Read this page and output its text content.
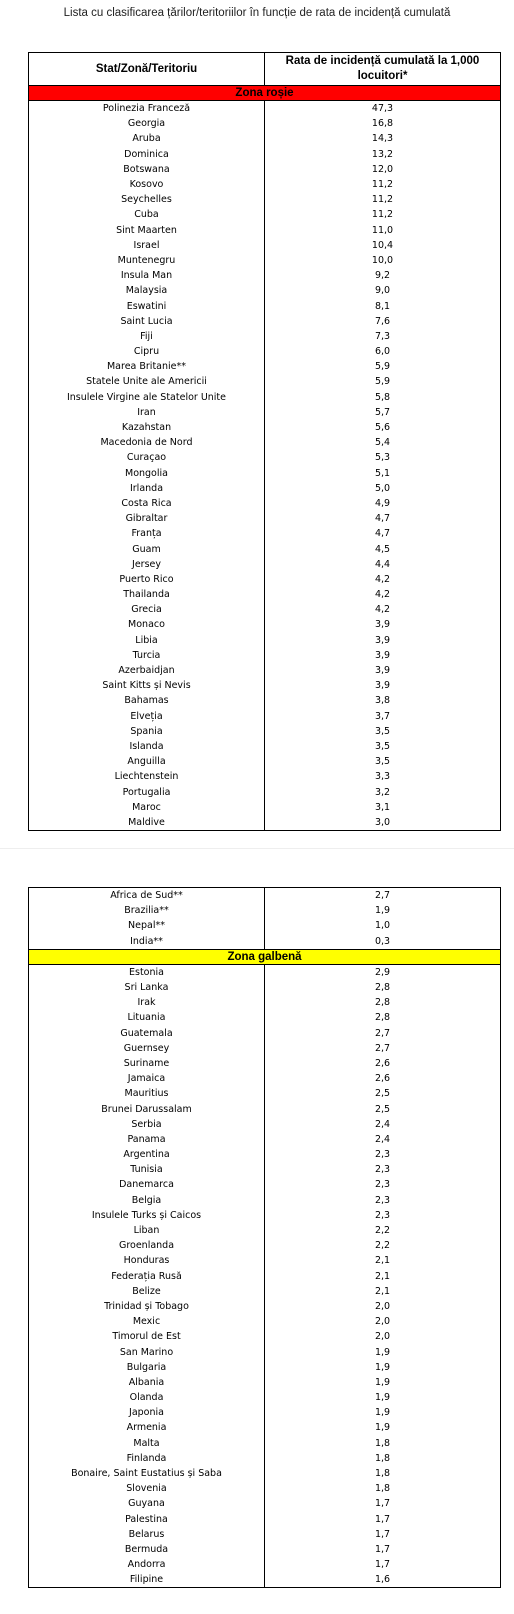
Lista cu clasificarea țărilor/teritoriilor în funcție de rata de incidență cumulată
Stat/Zonă/Teritoriu	Rata de incidență cumulată la 1,000 locuitori*
Zona roșie	
Polinezia Franceză	47,3
Georgia	16,8
Aruba	14,3
Dominica	13,2
Botswana	12,0
Kosovo	11,2
Seychelles	11,2
Cuba	11,2
Sint Maarten	11,0
Israel	10,4
Muntenegru	10,0
Insula Man	9,2
Malaysia	9,0
Eswatini	8,1
Saint Lucia	7,6
Fiji	7,3
Cipru	6,0
Marea Britanie**	5,9
Statele Unite ale Americii	5,9
Insulele Virgine ale Statelor Unite	5,8
Iran	5,7
Kazahstan	5,6
Macedonia de Nord	5,4
Curaçao	5,3
Mongolia	5,1
Irlanda	5,0
Costa Rica	4,9
Gibraltar	4,7
Franța	4,7
Guam	4,5
Jersey	4,4
Puerto Rico	4,2
Thailanda	4,2
Grecia	4,2
Monaco	3,9
Libia	3,9
Turcia	3,9
Azerbaidjan	3,9
Saint Kitts și Nevis	3,9
Bahamas	3,8
Elveția	3,7
Spania	3,5
Islanda	3,5
Anguilla	3,5
Liechtenstein	3,3
Portugalia	3,2
Maroc	3,1
Maldive	3,0
Africa de Sud**	2,7
Brazilia**	1,9
Nepal**	1,0
India**	0,3
Zona galbenă	
Estonia	2,9
Sri Lanka	2,8
Irak	2,8
Lituania	2,8
Guatemala	2,7
Guernsey	2,7
Suriname	2,6
Jamaica	2,6
Mauritius	2,5
Brunei Darussalam	2,5
Serbia	2,4
Panama	2,4
Argentina	2,3
Tunisia	2,3
Danemarca	2,3
Belgia	2,3
Insulele Turks și Caicos	2,3
Liban	2,2
Groenlanda	2,2
Honduras	2,1
Federația Rusă	2,1
Belize	2,1
Trinidad și Tobago	2,0
Mexic	2,0
Timorul de Est	2,0
San Marino	1,9
Bulgaria	1,9
Albania	1,9
Olanda	1,9
Japonia	1,9
Armenia	1,9
Malta	1,8
Finlanda	1,8
Bonaire, Saint Eustatius și Saba	1,8
Slovenia	1,8
Guyana	1,7
Palestina	1,7
Belarus	1,7
Bermuda	1,7
Andorra	1,7
Filipine	1,6
